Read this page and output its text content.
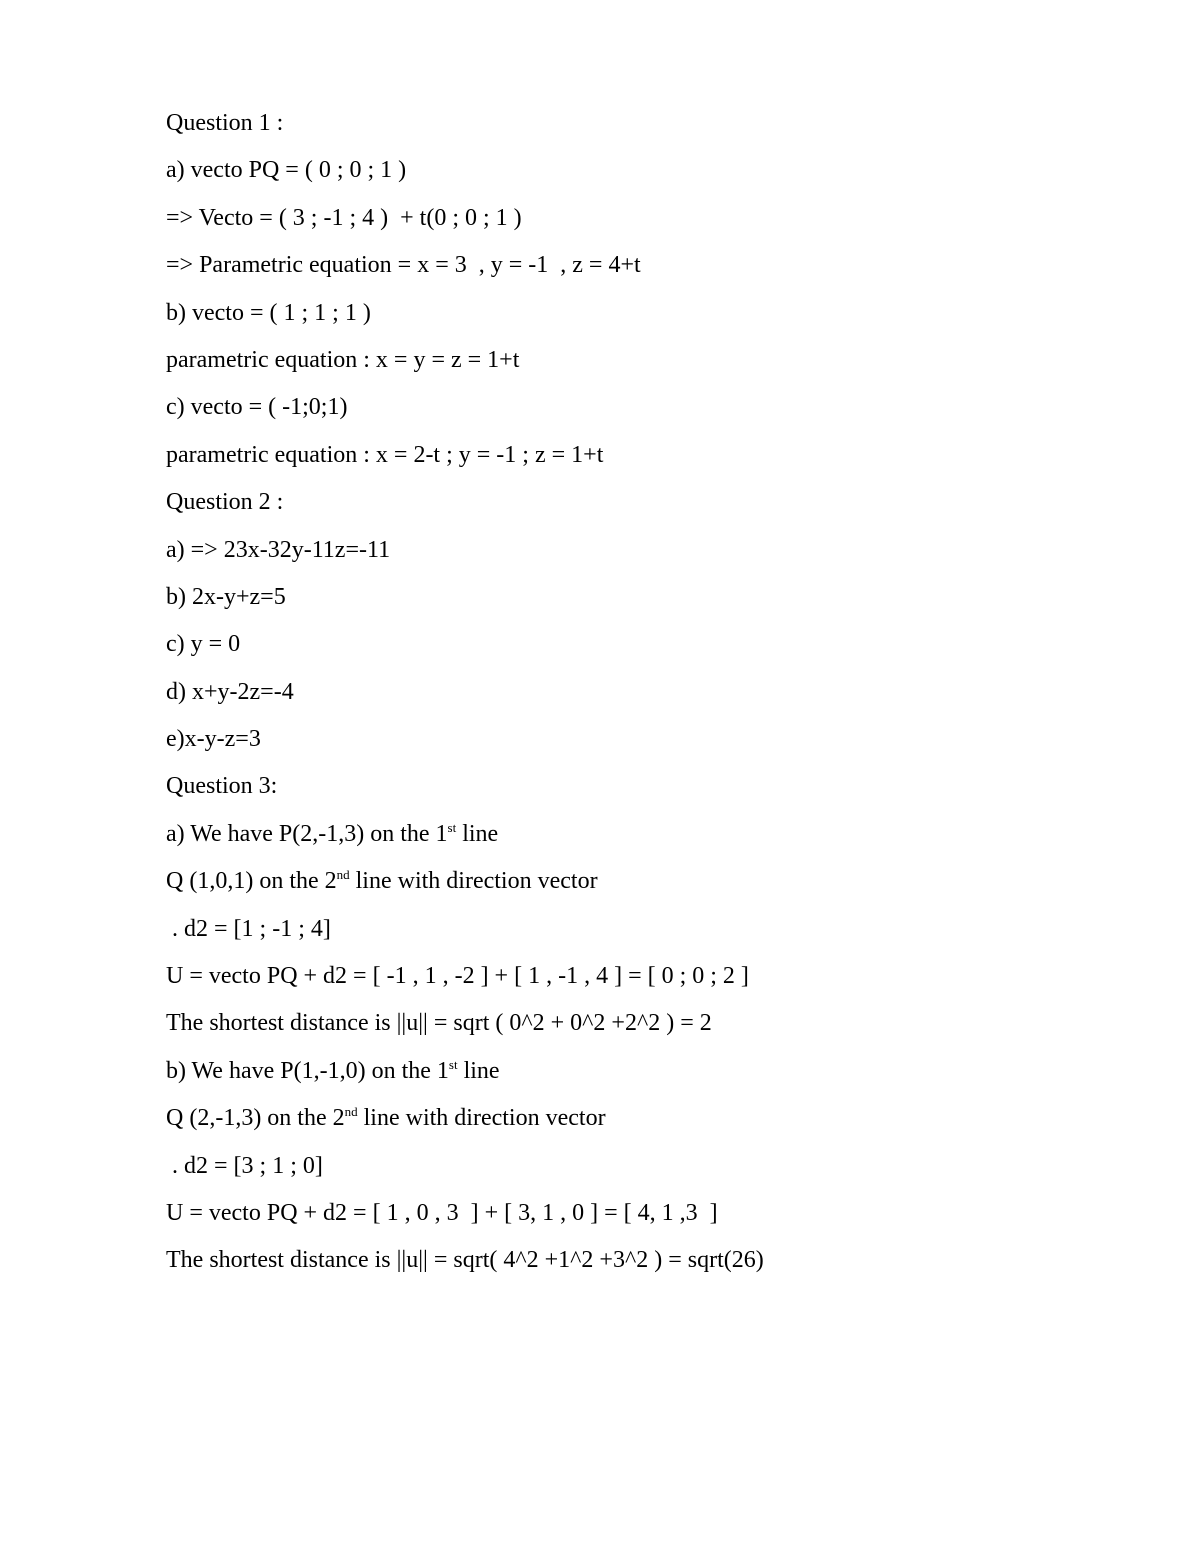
Question 1 :
a) vecto PQ = ( 0 ; 0 ; 1 )
=> Vecto = ( 3 ; -1 ; 4 )  + t(0 ; 0 ; 1 )
=> Parametric equation = x = 3  , y = -1  , z = 4+t
b) vecto = ( 1 ; 1 ; 1 )
parametric equation : x = y = z = 1+t
c) vecto = ( -1;0;1)
parametric equation : x = 2-t ; y = -1 ; z = 1+t
Question 2 :
a) => 23x-32y-11z=-11
b) 2x-y+z=5
c) y = 0
d) x+y-2z=-4
e)x-y-z=3
Question 3:
a) We have P(2,-1,3) on the 1st line
Q (1,0,1) on the 2nd line with direction vector
. d2 = [1 ; -1 ; 4]
U = vecto PQ + d2 = [ -1 , 1 , -2 ] + [ 1 , -1 , 4 ] = [ 0 ; 0 ; 2 ]
The shortest distance is ||u|| = sqrt ( 0^2 + 0^2 +2^2 ) = 2
b) We have P(1,-1,0) on the 1st line
Q (2,-1,3) on the 2nd line with direction vector
. d2 = [3 ; 1 ; 0]
U = vecto PQ + d2 = [ 1 , 0 , 3  ] + [ 3, 1 , 0 ] = [ 4, 1 ,3  ]
The shortest distance is ||u|| = sqrt( 4^2 +1^2 +3^2 ) = sqrt(26)
